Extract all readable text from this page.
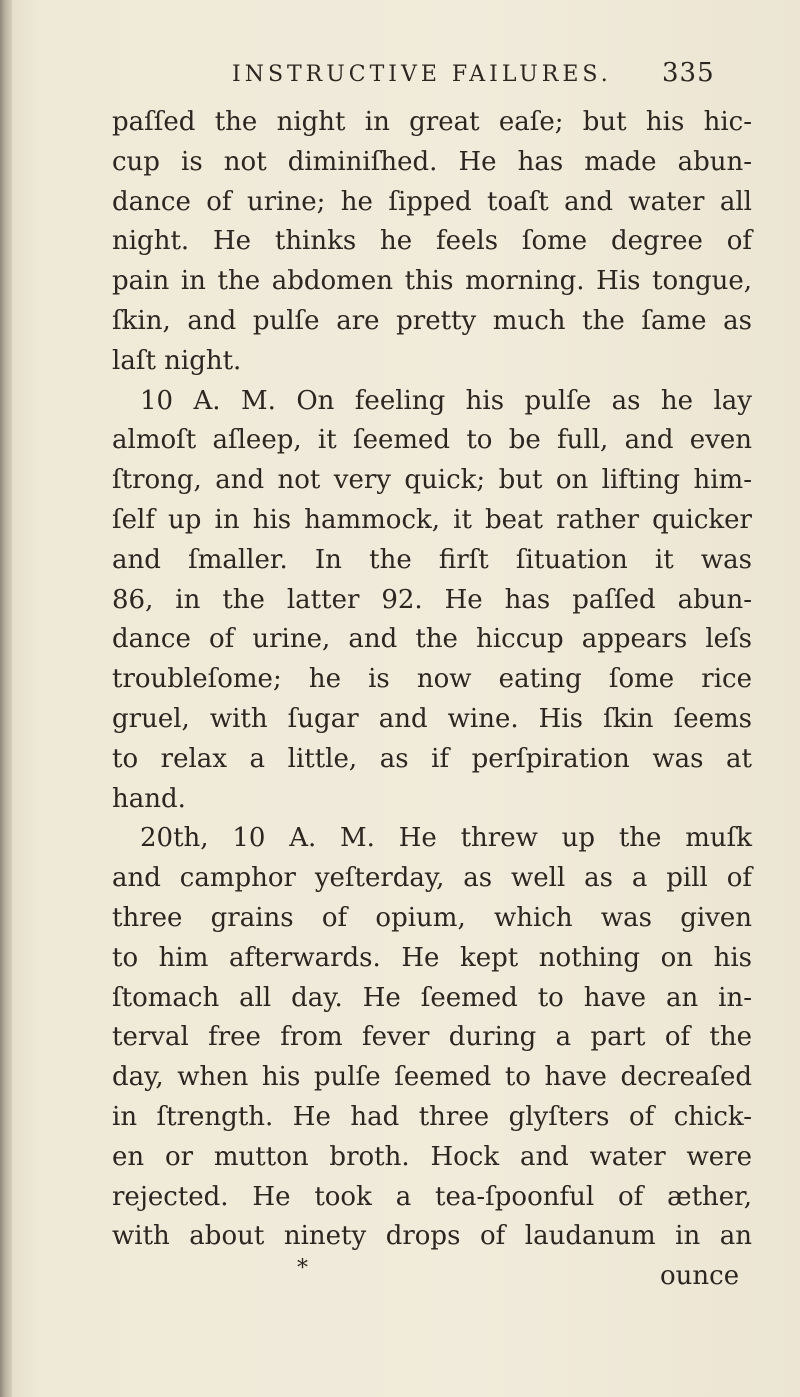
INSTRUCTIVE FAILURES. 335
paſſed the night in great eaſe; but his hic-
cup is not diminiſhed. He has made abun-
dance of urine; he ſipped toaſt and water all
night. He thinks he feels ſome degree of
pain in the abdomen this morning. His tongue,
ſkin, and pulſe are pretty much the ſame as
laſt night.
10 A. M. On feeling his pulſe as he lay
almoſt aſleep, it ſeemed to be full, and even
ſtrong, and not very quick; but on lifting him-
ſelf up in his hammock, it beat rather quicker
and ſmaller. In the firſt ſituation it was
86, in the latter 92. He has paſſed abun-
dance of urine, and the hiccup appears leſs
troubleſome; he is now eating ſome rice
gruel, with ſugar and wine. His ſkin ſeems
to relax a little, as if perſpiration was at
hand.
20th, 10 A. M. He threw up the muſk
and camphor yeſterday, as well as a pill of
three grains of opium, which was given
to him afterwards. He kept nothing on his
ſtomach all day. He ſeemed to have an in-
terval free from fever during a part of the
day, when his pulſe ſeemed to have decreaſed
in ſtrength. He had three glyſters of chick-
en or mutton broth. Hock and water were
rejected. He took a tea-ſpoonful of æther,
with about ninety drops of laudanum in an
*	ounce
